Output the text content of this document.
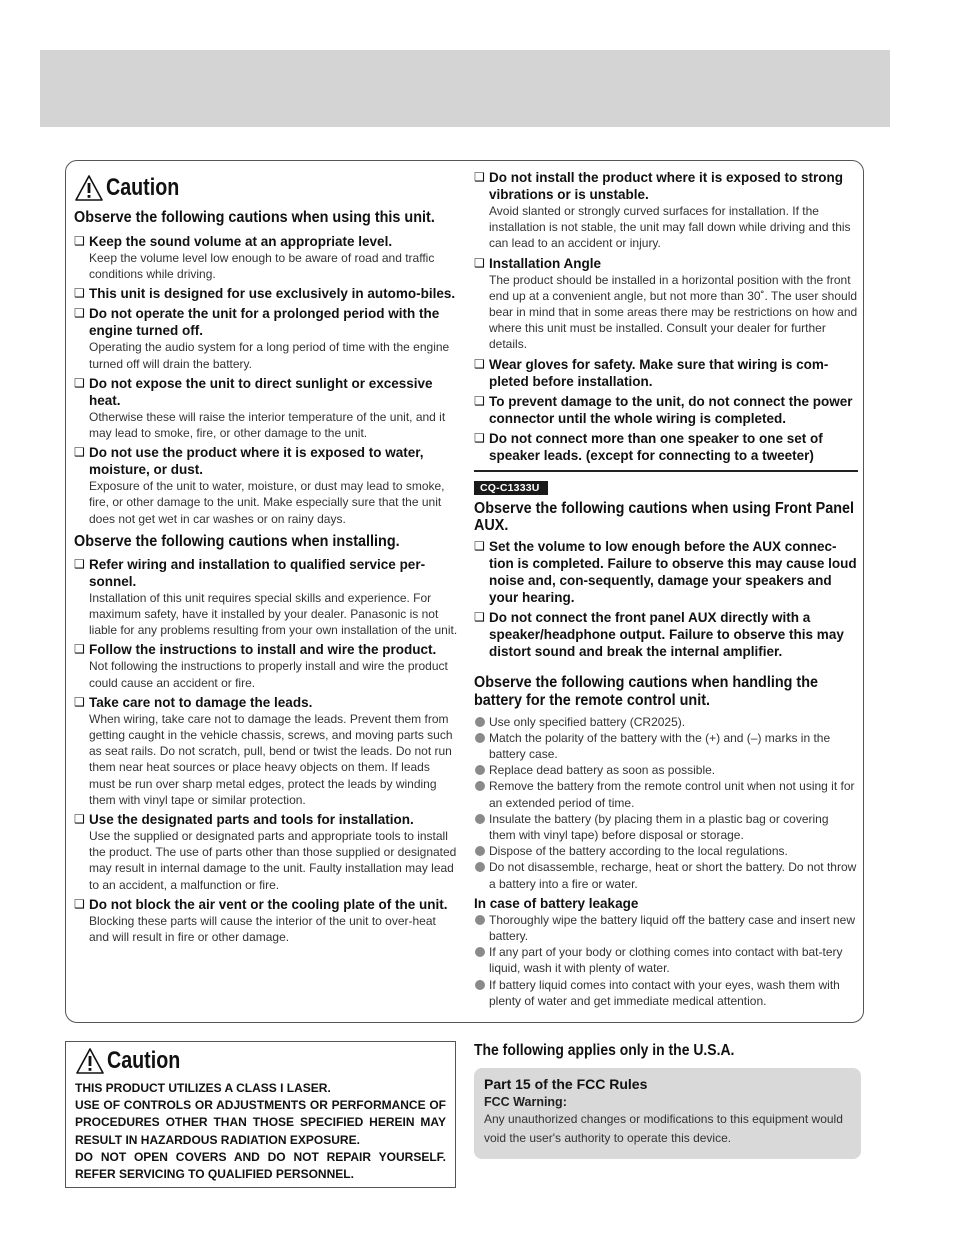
Caution
Observe the following cautions when using this unit.
❑ Keep the sound volume at an appropriate level.
Keep the volume level low enough to be aware of road and traffic conditions while driving.
❑ This unit is designed for use exclusively in automo-biles.
❑ Do not operate the unit for a prolonged period with the engine turned off.
Operating the audio system for a long period of time with the engine turned off will drain the battery.
❑ Do not expose the unit to direct sunlight or excessive heat.
Otherwise these will raise the interior temperature of the unit, and it may lead to smoke, fire, or other damage to the unit.
❑ Do not use the product where it is exposed to water, moisture, or dust.
Exposure of the unit to water, moisture, or dust may lead to smoke, fire, or other damage to the unit. Make especially sure that the unit does not get wet in car washes or on rainy days.
Observe the following cautions when installing.
❑ Refer wiring and installation to qualified service per-sonnel.
Installation of this unit requires special skills and experience. For maximum safety, have it installed by your dealer. Panasonic is not liable for any problems resulting from your own installation of the unit.
❑ Follow the instructions to install and wire the product.
Not following the instructions to properly install and wire the product could cause an accident or fire.
❑ Take care not to damage the leads.
When wiring, take care not to damage the leads. Prevent them from getting caught in the vehicle chassis, screws, and moving parts such as seat rails. Do not scratch, pull, bend or twist the leads. Do not run them near heat sources or place heavy objects on them. If leads must be run over sharp metal edges, protect the leads by winding them with vinyl tape or similar protection.
❑ Use the designated parts and tools for installation.
Use the supplied or designated parts and appropriate tools to install the product. The use of parts other than those supplied or designated may result in internal damage to the unit. Faulty installation may lead to an accident, a malfunction or fire.
❑ Do not block the air vent or the cooling plate of the unit.
Blocking these parts will cause the interior of the unit to over-heat and will result in fire or other damage.
❑ Do not install the product where it is exposed to strong vibrations or is unstable.
Avoid slanted or strongly curved surfaces for installation. If the installation is not stable, the unit may fall down while driving and this can lead to an accident or injury.
❑ Installation Angle
The product should be installed in a horizontal position with the front end up at a convenient angle, but not more than 30˚. The user should bear in mind that in some areas there may be restrictions on how and where this unit must be installed. Consult your dealer for further details.
❑ Wear gloves for safety. Make sure that wiring is com-pleted before installation.
❑ To prevent damage to the unit, do not connect the power connector until the whole wiring is completed.
❑ Do not connect more than one speaker to one set of speaker leads. (except for connecting to a tweeter)
CQ-C1333U
Observe the following cautions when using Front Panel AUX.
❑ Set the volume to low enough before the AUX connec-tion is completed. Failure to observe this may cause loud noise and, con-sequently, damage your speakers and your hearing.
❑ Do not connect the front panel AUX directly with a speaker/headphone output. Failure to observe this may distort sound and break the internal amplifier.
Observe the following cautions when handling the battery for the remote control unit.
Use only specified battery (CR2025).
Match the polarity of the battery with the (+) and (–) marks in the battery case.
Replace dead battery as soon as possible.
Remove the battery from the remote control unit when not using it for an extended period of time.
Insulate the battery (by placing them in a plastic bag or covering them with vinyl tape) before disposal or storage.
Dispose of the battery according to the local regulations.
Do not disassemble, recharge, heat or short the battery. Do not throw a battery into a fire or water.
In case of battery leakage
Thoroughly wipe the battery liquid off the battery case and insert new battery.
If any part of your body or clothing comes into contact with bat-tery liquid, wash it with plenty of water.
If battery liquid comes into contact with your eyes, wash them with plenty of water and get immediate medical attention.
Caution
THIS PRODUCT UTILIZES A CLASS I LASER.
USE OF CONTROLS OR ADJUSTMENTS OR PERFORMANCE OF PROCEDURES OTHER THAN THOSE SPECIFIED HEREIN MAY RESULT IN HAZARDOUS RADIATION EXPOSURE.
DO NOT OPEN COVERS AND DO NOT REPAIR YOURSELF. REFER SERVICING TO QUALIFIED PERSONNEL.
The following applies only in the U.S.A.
Part 15 of the FCC Rules
FCC Warning:
Any unauthorized changes or modifications to this equipment would void the user's authority to operate this device.
